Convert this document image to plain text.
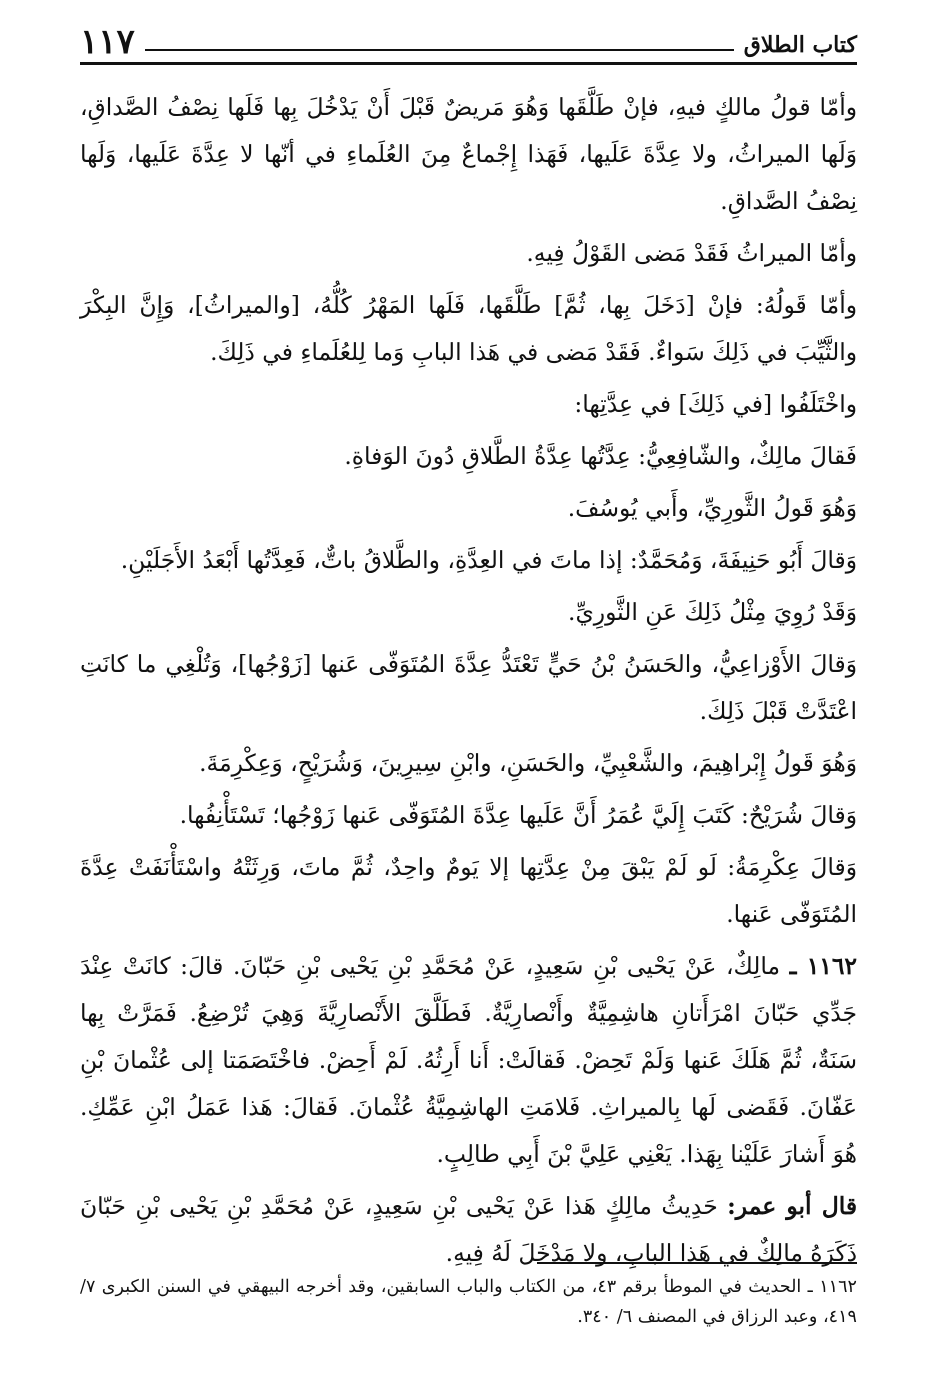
١١٧	كتاب الطلاق

وأمّا قولُ مالكٍ فيهِ، فإنْ طَلَّقَها وَهُوَ مَريضٌ قَبْلَ أَنْ يَدْخُلَ بِها فَلَها نِصْفُ الصَّداقِ، وَلَها الميراثُ، ولا عِدَّةَ عَلَيها، فَهَذا إِجْماعٌ مِنَ العُلَماءِ في أنّها لا عِدَّةَ عَلَيها، وَلَها نِصْفُ الصَّداقِ.

وأمّا الميراثُ فَقَدْ مَضى القَوْلُ فِيهِ.

وأمّا قَولُهُ: فإنْ [دَخَلَ بِها، ثُمَّ] طَلَّقَها، فَلَها المَهْرُ كُلُّهُ، [والميراثُ]، وَإِنَّ البِكْرَ والثَّيِّبَ في ذَلِكَ سَواءٌ. فَقَدْ مَضى في هَذا البابِ وَما لِلعُلَماءِ في ذَلِكَ.

واخْتَلَفُوا [في ذَلِكَ] في عِدَّتِها:

فَقالَ مالِكٌ، والشّافِعِيُّ: عِدَّتُها عِدَّةُ الطَّلاقِ دُونَ الوَفاةِ.

وَهُوَ قَولُ الثَّورِيِّ، وأَبي يُوسُفَ.

وَقالَ أَبُو حَنِيفَةَ، وَمُحَمَّدٌ: إذا ماتَ في العِدَّةِ، والطَّلاقُ باتٌّ، فَعِدَّتُها أَبْعَدُ الأَجَلَيْنِ.

وَقَدْ رُوِيَ مِثْلُ ذَلِكَ عَنِ الثَّورِيِّ.

وَقالَ الأَوْزاعِيُّ، والحَسَنُ بْنُ حَيٍّ تَعْتَدُّ عِدَّةَ المُتَوَفّى عَنها [زَوْجُها]، وَتُلْغِي ما كانَتِ اعْتَدَّتْ قَبْلَ ذَلِكَ.

وَهُوَ قَولُ إِبْراهِيمَ، والشَّعْبِيِّ، والحَسَنِ، وابْنِ سِيرِينَ، وَشُرَيْحٍ، وَعِكْرِمَةَ.

وَقالَ شُرَيْحٌ: كَتَبَ إِلَيَّ عُمَرُ أَنَّ عَلَيها عِدَّةَ المُتَوَفّى عَنها زَوْجُها؛ تَسْتَأْنِفُها.

وَقالَ عِكْرِمَةُ: لَو لَمْ يَبْقَ مِنْ عِدَّتِها إلا يَومٌ واحِدٌ، ثُمَّ ماتَ، وَرِثَتْهُ واسْتَأْنَفَتْ عِدَّةَ المُتَوَفّى عَنها.

١١٦٢ ـ مالِكٌ، عَنْ يَحْيى بْنِ سَعِيدٍ، عَنْ مُحَمَّدِ بْنِ يَحْيى بْنِ حَبّانَ. قالَ: كانَتْ عِنْدَ جَدِّي حَبّانَ امْرَأَتانِ هاشِمِيَّةٌ وأَنْصارِيَّةٌ. فَطَلَّقَ الأَنْصارِيَّةَ وَهِيَ تُرْضِعُ. فَمَرَّتْ بِها سَنَةٌ، ثُمَّ هَلَكَ عَنها وَلَمْ تَحِضْ. فَقالَتْ: أَنا أَرِثُهُ. لَمْ أَحِضْ. فاخْتَصَمَتا إلى عُثْمانَ بْنِ عَفّانَ. فَقَضى لَها بِالميراثِ. فَلامَتِ الهاشِمِيَّةُ عُثْمانَ. فَقالَ: هَذا عَمَلُ ابْنِ عَمِّكِ. هُوَ أَشارَ عَلَيْنا بِهَذا. يَعْنِي عَلِيَّ بْنَ أَبِي طالِبٍ.

قال أبو عمر: حَدِيثُ مالِكٍ هَذا عَنْ يَحْيى بْنِ سَعِيدٍ، عَنْ مُحَمَّدِ بْنِ يَحْيى بْنِ حَبّانَ ذَكَرَهُ مالِكٌ في هَذا البابِ، ولا مَدْخَلَ لَهُ فِيهِ.

١١٦٢ ـ الحديث في الموطأ برقم ٤٣، من الكتاب والباب السابقين، وقد أخرجه البيهقي في السنن الكبرى ٧/ ٤١٩، وعبد الرزاق في المصنف ٦/ ٣٤٠.
